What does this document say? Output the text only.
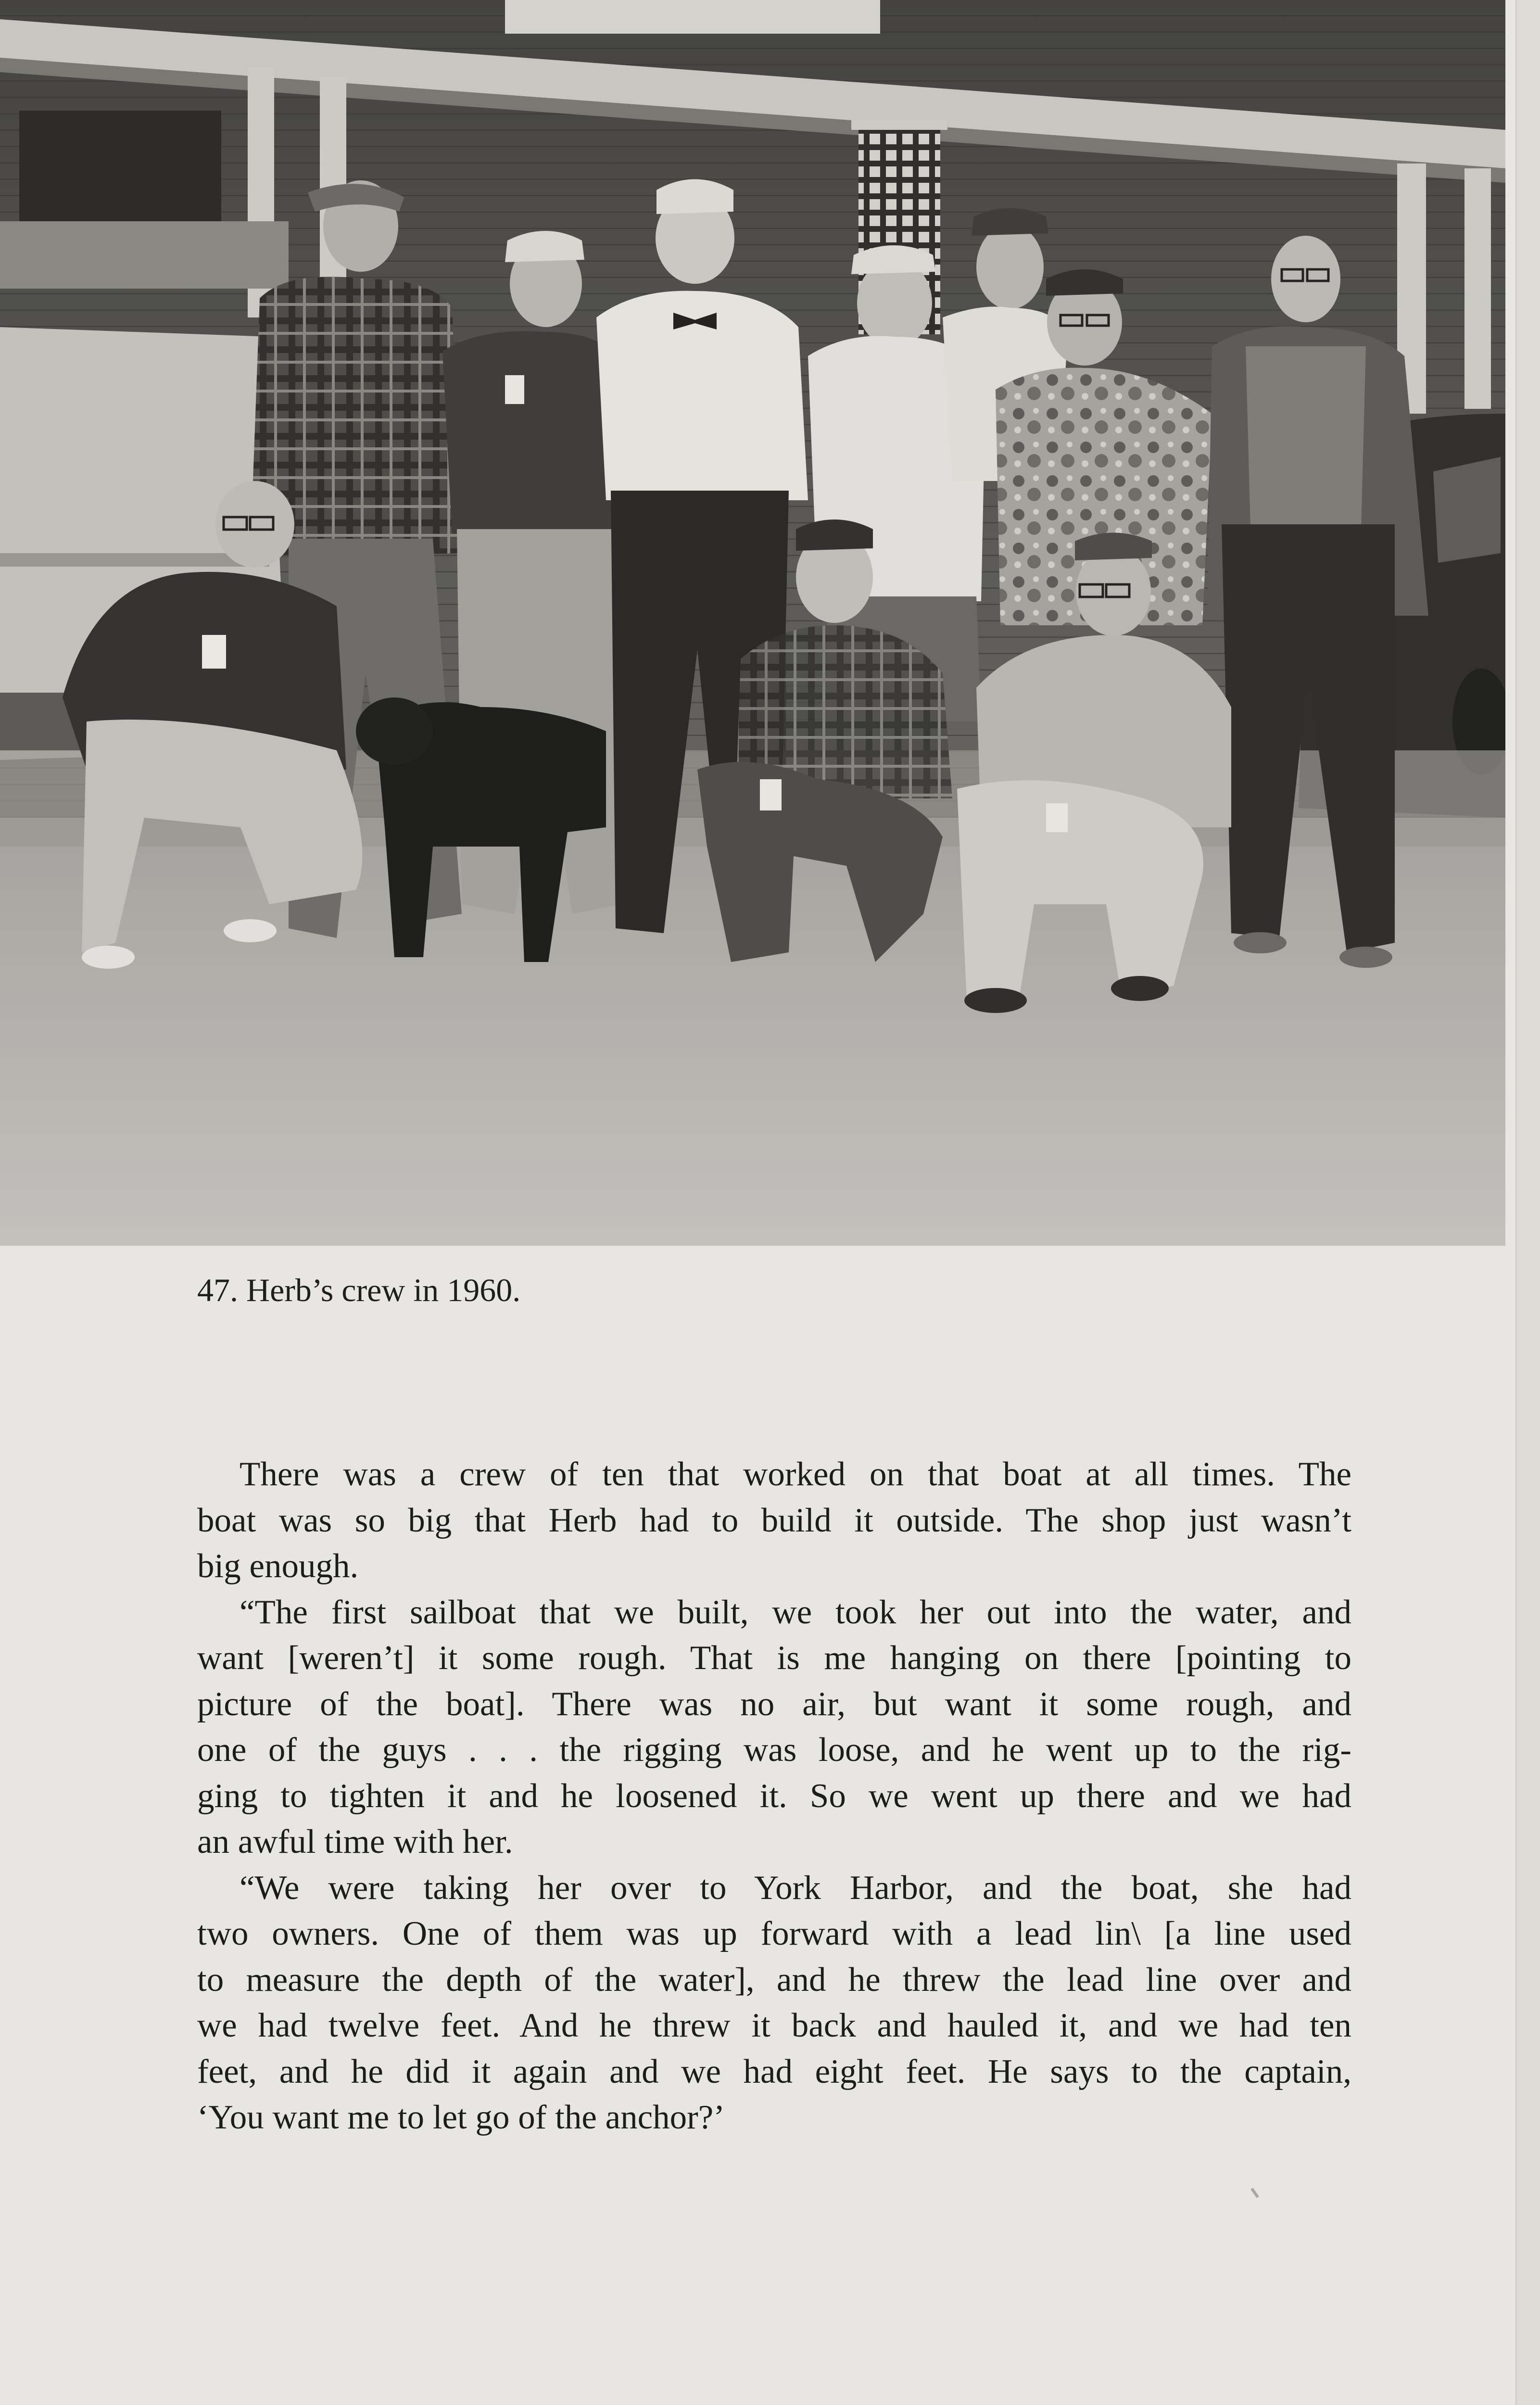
47. Herb’s crew in 1960.

There was a crew of ten that worked on that boat at all times. The
boat was so big that Herb had to build it outside. The shop just wasn’t
big enough.

“The first sailboat that we built, we took her out into the water, and
want [weren’t] it some rough. That is me hanging on there [pointing to
picture of the boat]. There was no air, but want it some rough, and
one of the guys . . . the rigging was loose, and he went up to the rig-
ging to tighten it and he loosened it. So we went up there and we had
an awful time with her.

“We were taking her over to York Harbor, and the boat, she had
two owners. One of them was up forward with a lead lin\ [a line used
to measure the depth of the water], and he threw the lead line over and
we had twelve feet. And he threw it back and hauled it, and we had ten
feet, and he did it again and we had eight feet. He says to the captain,
‘You want me to let go of the anchor?’
